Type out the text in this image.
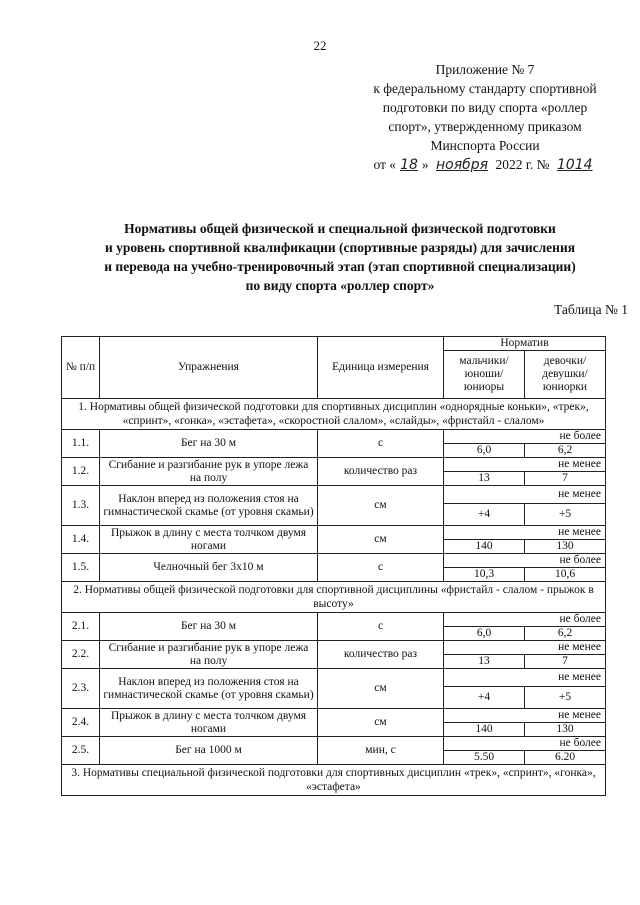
22
Приложение № 7
к федеральному стандарту спортивной
подготовки по виду спорта «роллер
спорт», утвержденному приказом
Минспорта России
от « 18 » ноября 2022 г. № 1014
Нормативы общей физической и специальной физической подготовки
и уровень спортивной квалификации (спортивные разряды) для зачисления
и перевода на учебно-тренировочный этап (этап спортивной специализации)
по виду спорта «роллер спорт»
Таблица № 1
№ п/п	Упражнения	Единица измерения	Норматив	
			мальчики/ юноши/ юниоры	девочки/ девушки/ юниорки
1. Нормативы общей физической подготовки для спортивных дисциплин «однорядные коньки», «трек», «спринт», «гонка», «эстафета», «скоростной слалом», «слайды», «фристайл - слалом»				
1.1.	Бег на 30 м	с	не более	
			6,0	6,2
1.2.	Сгибание и разгибание рук в упоре лежа на полу	количество раз	не менее	
			13	7
1.3.	Наклон вперед из положения стоя на гимнастической скамье (от уровня скамьи)	см	не менее	
			+4	+5
1.4.	Прыжок в длину с места толчком двумя ногами	см	не менее	
			140	130
1.5.	Челночный бег 3х10 м	с	не более	
			10,3	10,6
2. Нормативы общей физической подготовки для спортивной дисциплины «фристайл - слалом - прыжок в высоту»				
2.1.	Бег на 30 м	с	не более	
			6,0	6,2
2.2.	Сгибание и разгибание рук в упоре лежа на полу	количество раз	не менее	
			13	7
2.3.	Наклон вперед из положения стоя на гимнастической скамье (от уровня скамьи)	см	не менее	
			+4	+5
2.4.	Прыжок в длину с места толчком двумя ногами	см	не менее	
			140	130
2.5.	Бег на 1000 м	мин, с	не более	
			5.50	6.20
3. Нормативы специальной физической подготовки для спортивных дисциплин «трек», «спринт», «гонка», «эстафета»				
